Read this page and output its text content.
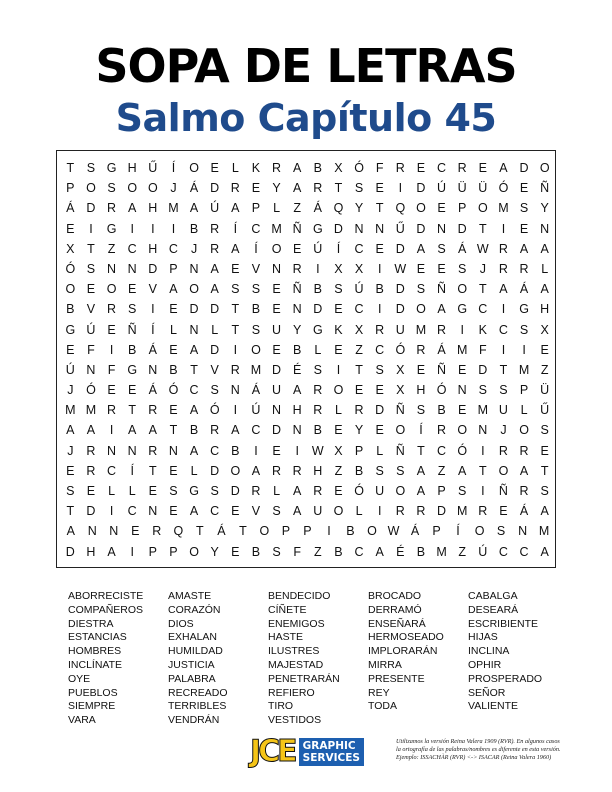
SOPA DE LETRAS
Salmo Capítulo 45
T	S G H Ű	Í	O E	L	K R A B X Ó F R E C R E A D O
P O S O O	J	Á D R E Y A R T	S E	I	D Ú Ü Ü Ó E Ñ
Á D R A H M A Ú A P	L	Z	Á Q Y	T Q O E P O M S Y
E	I	G	I	I	I	B R	Í	C M Ñ G D N N Ű D N D T	I	E N
X	T	Z C H C	J	R A	Í	O E Ú	Í	C E D A S Á W R A A
Ó S N N D P N A E V N R	I	X X	I	W E E S	J	R R	L
O E O E V A O A S S E Ñ B S Ú B D S Ñ O T	A Á A
B V R S	I	E D D T	B E N D E C	I	D O A G C	I	G H
G Ú E Ñ	Í	L	N	L	T	S U Y G K X R U M R	I	K C S X
E	F	I	B Á E A D	I	O E B	L	E	Z C Ó R Á M F	I	I	E
Ú N F G N B	T	V R M D É S	I	T	S X E Ñ E D T M Z
J	Ó E E Á Ó C S N Á U A R O E E X H Ó N S S P Ü
M M R T R E A Ó	I	Ú N H R	L	R D Ñ S B E M U	L	Ű
A A	I	A A	T	B R A C D N B E Y E O	Í	R O N	J	O S
J	R N N R N A C B	I	E	I	W X P	L	Ñ T C Ó	I	R R E
E R C	Í	T	E	L	D O A R R H Z	B S S A	Z	A	T O A	T
S E	L	L	E S G S D R	L	A R E Ó U O A P S	I	Ñ R S
T D	I	C N E A C E V S A U O L	I	R R D M R E Á A
A	N N	E	R Q	T	Á	T	O P	P	I	B O W Á	P	Í	O S	N M
D H A	I	P P O Y E B S	F	Z	B C A É B M Z Ú C C A
ABORRECISTE
COMPAÑEROS
DIESTRA
ESTANCIAS
HOMBRES
INCLÍNATE
OYE
PUEBLOS
SIEMPRE
VARA
AMASTE
CORAZÓN
DIOS
EXHALAN
HUMILDAD
JUSTICIA
PALABRA
RECREADO
TERRIBLES
VENDRÁN
BENDECIDO
CÍÑETE
ENEMIGOS
HASTE
ILUSTRES
MAJESTAD
PENETRARÁN
REFIERO
TIRO
VESTIDOS
BROCADO
DERRAMÓ
ENSEÑARÁ
HERMOSEADO
IMPLORARÁN
MIRRA
PRESENTE
REY
TODA
CABALGA
DESEARÁ
ESCRIBIENTE
HIJAS
INCLINA
OPHIR
PROSPERADO
SEÑOR
VALIENTE
JCE GRAPHIC
SERVICES
Utilizamos la versión Reina Valera 1909 (RVR). En algunos casos
la ortografía de las palabras/nombres es diferente en esta versión.
Ejemplo: ISSACHÀR (RVR) <-> ISACAR (Reina Valera 1960)
